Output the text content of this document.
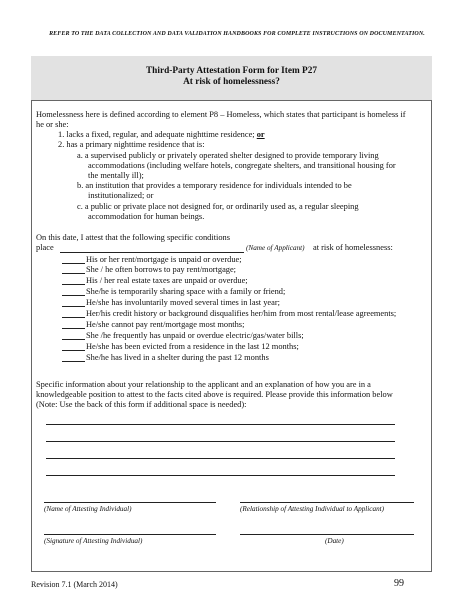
REFER TO THE DATA COLLECTION AND DATA VALIDATION HANDBOOKS FOR COMPLETE INSTRUCTIONS ON DOCUMENTATION.
Third-Party Attestation Form for Item P27
At risk of homelessness?
Homelessness here is defined according to element P8 – Homeless, which states that participant is homeless if
he or she:
1. lacks a fixed, regular, and adequate nighttime residence; or
2. has a primary nighttime residence that is:
a. a supervised publicly or privately operated shelter designed to provide temporary living
accommodations (including welfare hotels, congregate shelters, and transitional housing for
the mentally ill);
b. an institution that provides a temporary residence for individuals intended to be
institutionalized; or
c. a public or private place not designed for, or ordinarily used as, a regular sleeping
accommodation for human beings.
On this date, I attest that the following specific conditions
place	(Name of Applicant) at risk of homelessness:
His or her rent/mortgage is unpaid or overdue;
She / he often borrows to pay rent/mortgage;
His / her real estate taxes are unpaid or overdue;
She/he is temporarily sharing space with a family or friend;
He/she has involuntarily moved several times in last year;
Her/his credit history or background disqualifies her/him from most rental/lease agreements;
He/she cannot pay rent/mortgage most months;
She /he frequently has unpaid or overdue electric/gas/water bills;
He/she has been evicted from a residence in the last 12 months;
She/he has lived in a shelter during the past 12 months
Specific information about your relationship to the applicant and an explanation of how you are in a
knowledgeable position to attest to the facts cited above is required. Please provide this information below
(Note: Use the back of this form if additional space is needed):
(Name of Attesting Individual)	(Relationship of Attesting Individual to Applicant)
(Signature of Attesting Individual)	(Date)
Revision 7.1 (March 2014)	99
